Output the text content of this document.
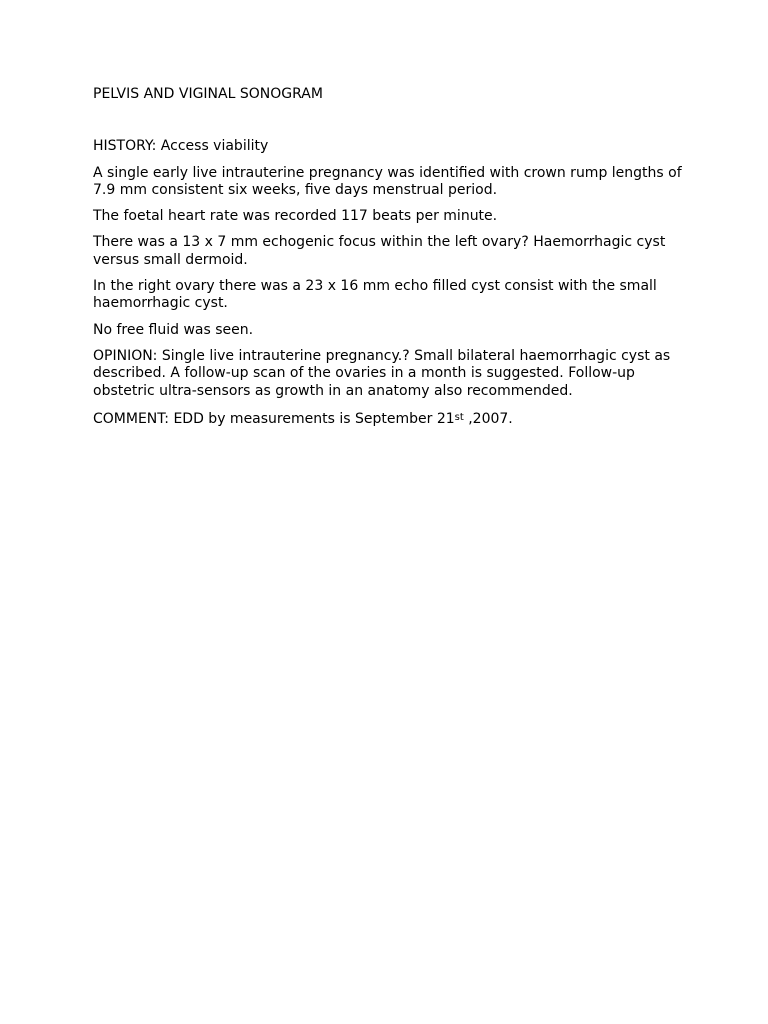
PELVIS AND VIGINAL SONOGRAM
HISTORY: Access viability
A single early live intrauterine pregnancy was identified with crown rump lengths of 7.9 mm consistent six weeks, five days menstrual period.
The foetal heart rate was recorded 117 beats per minute.
There was a 13 x 7 mm echogenic focus within the left ovary? Haemorrhagic cyst versus small dermoid.
In the right ovary there was a 23 x 16 mm echo filled cyst consist with the small haemorrhagic cyst.
No free fluid was seen.
OPINION: Single live intrauterine pregnancy.? Small bilateral haemorrhagic cyst as described. A follow-up scan of the ovaries in a month is suggested. Follow-up obstetric ultra-sensors as growth in an anatomy also recommended.
COMMENT: EDD by measurements is September 21st ,2007.
